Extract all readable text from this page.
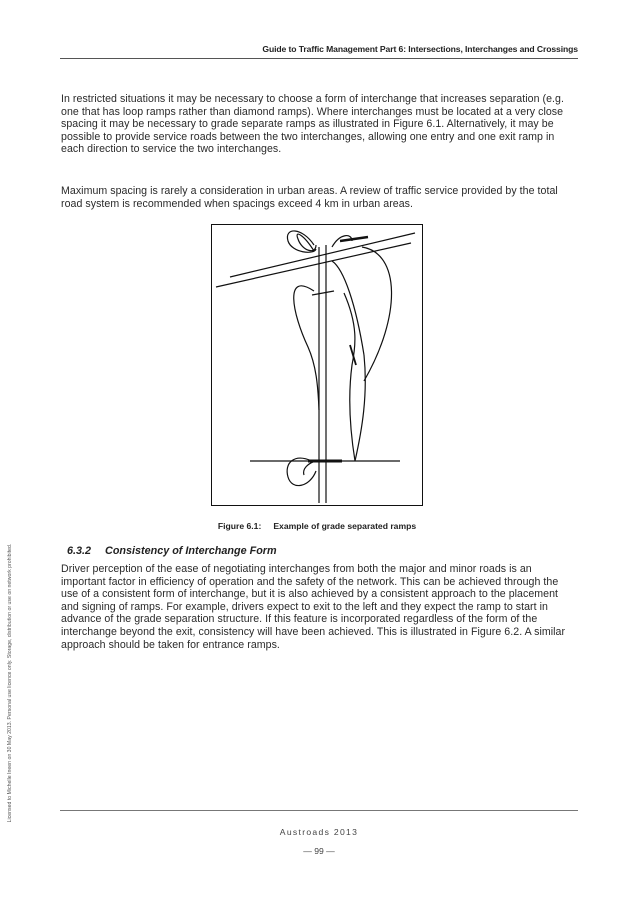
Guide to Traffic Management Part 6: Intersections, Interchanges and Crossings

In restricted situations it may be necessary to choose a form of interchange that increases separation (e.g. one that has loop ramps rather than diamond ramps). Where interchanges must be located at a very close spacing it may be necessary to grade separate ramps as illustrated in Figure 6.1. Alternatively, it may be possible to provide service roads between the two interchanges, allowing one entry and one exit ramp in each direction to service the two interchanges.

Maximum spacing is rarely a consideration in urban areas. A review of traffic service provided by the total road system is recommended when spacings exceed 4 km in urban areas.

Figure 6.1: Example of grade separated ramps
6.3.2 Consistency of Interchange Form

Driver perception of the ease of negotiating interchanges from both the major and minor roads is an important factor in efficiency of operation and the safety of the network. This can be achieved through the use of a consistent form of interchange, but it is also achieved by a consistent approach to the placement and signing of ramps. For example, drivers expect to exit to the left and they expect the ramp to start in advance of the grade separation structure. If this feature is incorporated regardless of the form of the interchange beyond the exit, consistency will have been achieved. This is illustrated in Figure 6.2. A similar approach should be taken for entrance ramps.

Licensed to Michelle Ineen on 30 May 2013. Personal use licence only. Storage, distribution or use on network prohibited.
Austroads 2013
— 99 —
